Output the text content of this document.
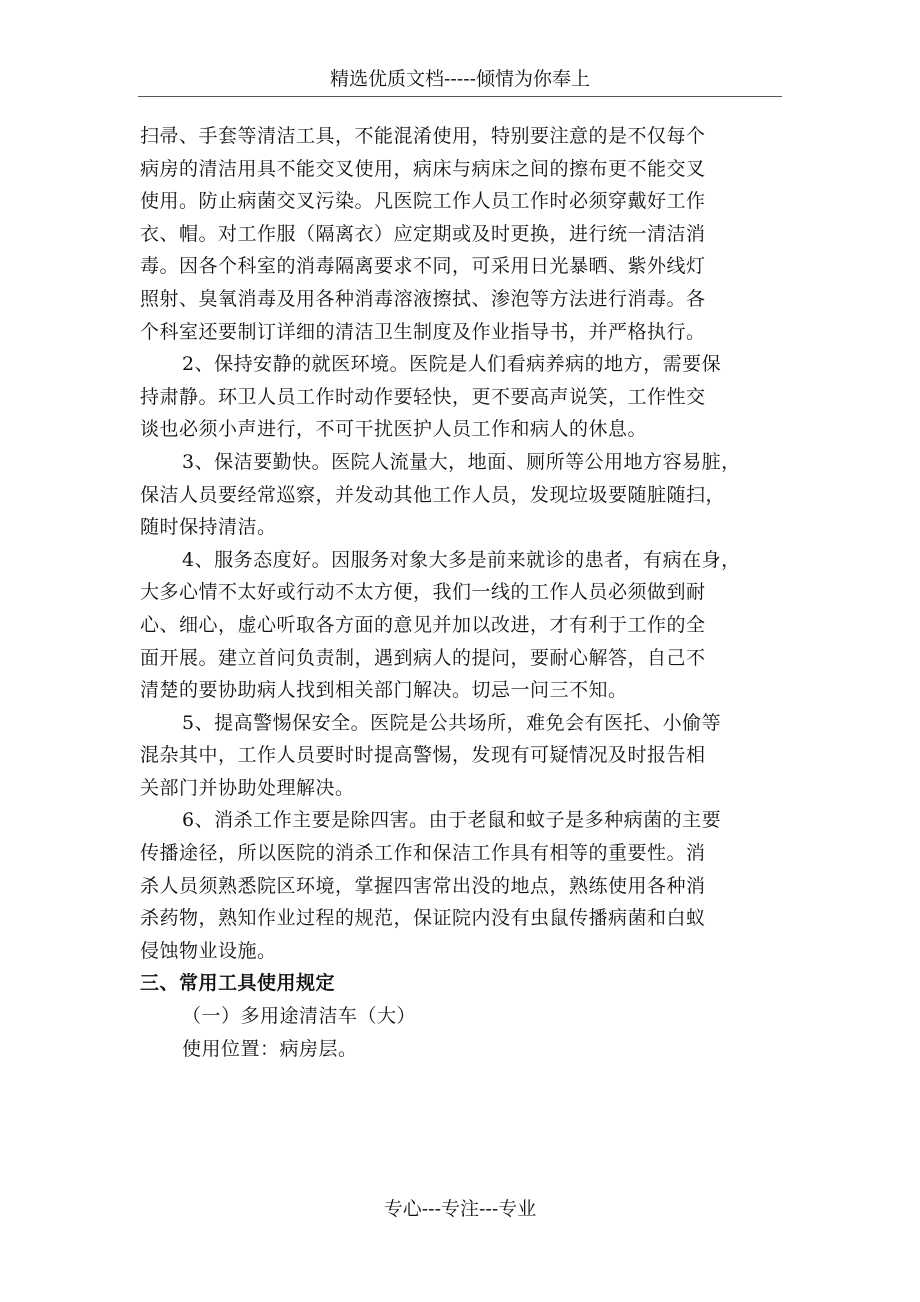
精选优质文档-----倾情为你奉上
扫帚、手套等清洁工具，不能混淆使用，特别要注意的是不仅每个
病房的清洁用具不能交叉使用，病床与病床之间的擦布更不能交叉
使用。防止病菌交叉污染。凡医院工作人员工作时必须穿戴好工作
衣、帽。对工作服（隔离衣）应定期或及时更换，进行统一清洁消
毒。因各个科室的消毒隔离要求不同，可采用日光暴晒、紫外线灯
照射、臭氧消毒及用各种消毒溶液擦拭、渗泡等方法进行消毒。各
个科室还要制订详细的清洁卫生制度及作业指导书，并严格执行。
2、保持安静的就医环境。医院是人们看病养病的地方，需要保
持肃静。环卫人员工作时动作要轻快，更不要高声说笑，工作性交
谈也必须小声进行，不可干扰医护人员工作和病人的休息。
3、保洁要勤快。医院人流量大，地面、厕所等公用地方容易脏，
保洁人员要经常巡察，并发动其他工作人员，发现垃圾要随脏随扫，
随时保持清洁。
4、服务态度好。因服务对象大多是前来就诊的患者，有病在身，
大多心情不太好或行动不太方便，我们一线的工作人员必须做到耐
心、细心，虚心听取各方面的意见并加以改进，才有利于工作的全
面开展。建立首问负责制，遇到病人的提问，要耐心解答，自己不
清楚的要协助病人找到相关部门解决。切忌一问三不知。
5、提高警惕保安全。医院是公共场所，难免会有医托、小偷等
混杂其中，工作人员要时时提高警惕，发现有可疑情况及时报告相
关部门并协助处理解决。
6、消杀工作主要是除四害。由于老鼠和蚊子是多种病菌的主要
传播途径，所以医院的消杀工作和保洁工作具有相等的重要性。消
杀人员须熟悉院区环境，掌握四害常出没的地点，熟练使用各种消
杀药物，熟知作业过程的规范，保证院内没有虫鼠传播病菌和白蚁
侵蚀物业设施。
三、常用工具使用规定
（一）多用途清洁车（大）
使用位置：病房层。
专心---专注---专业
